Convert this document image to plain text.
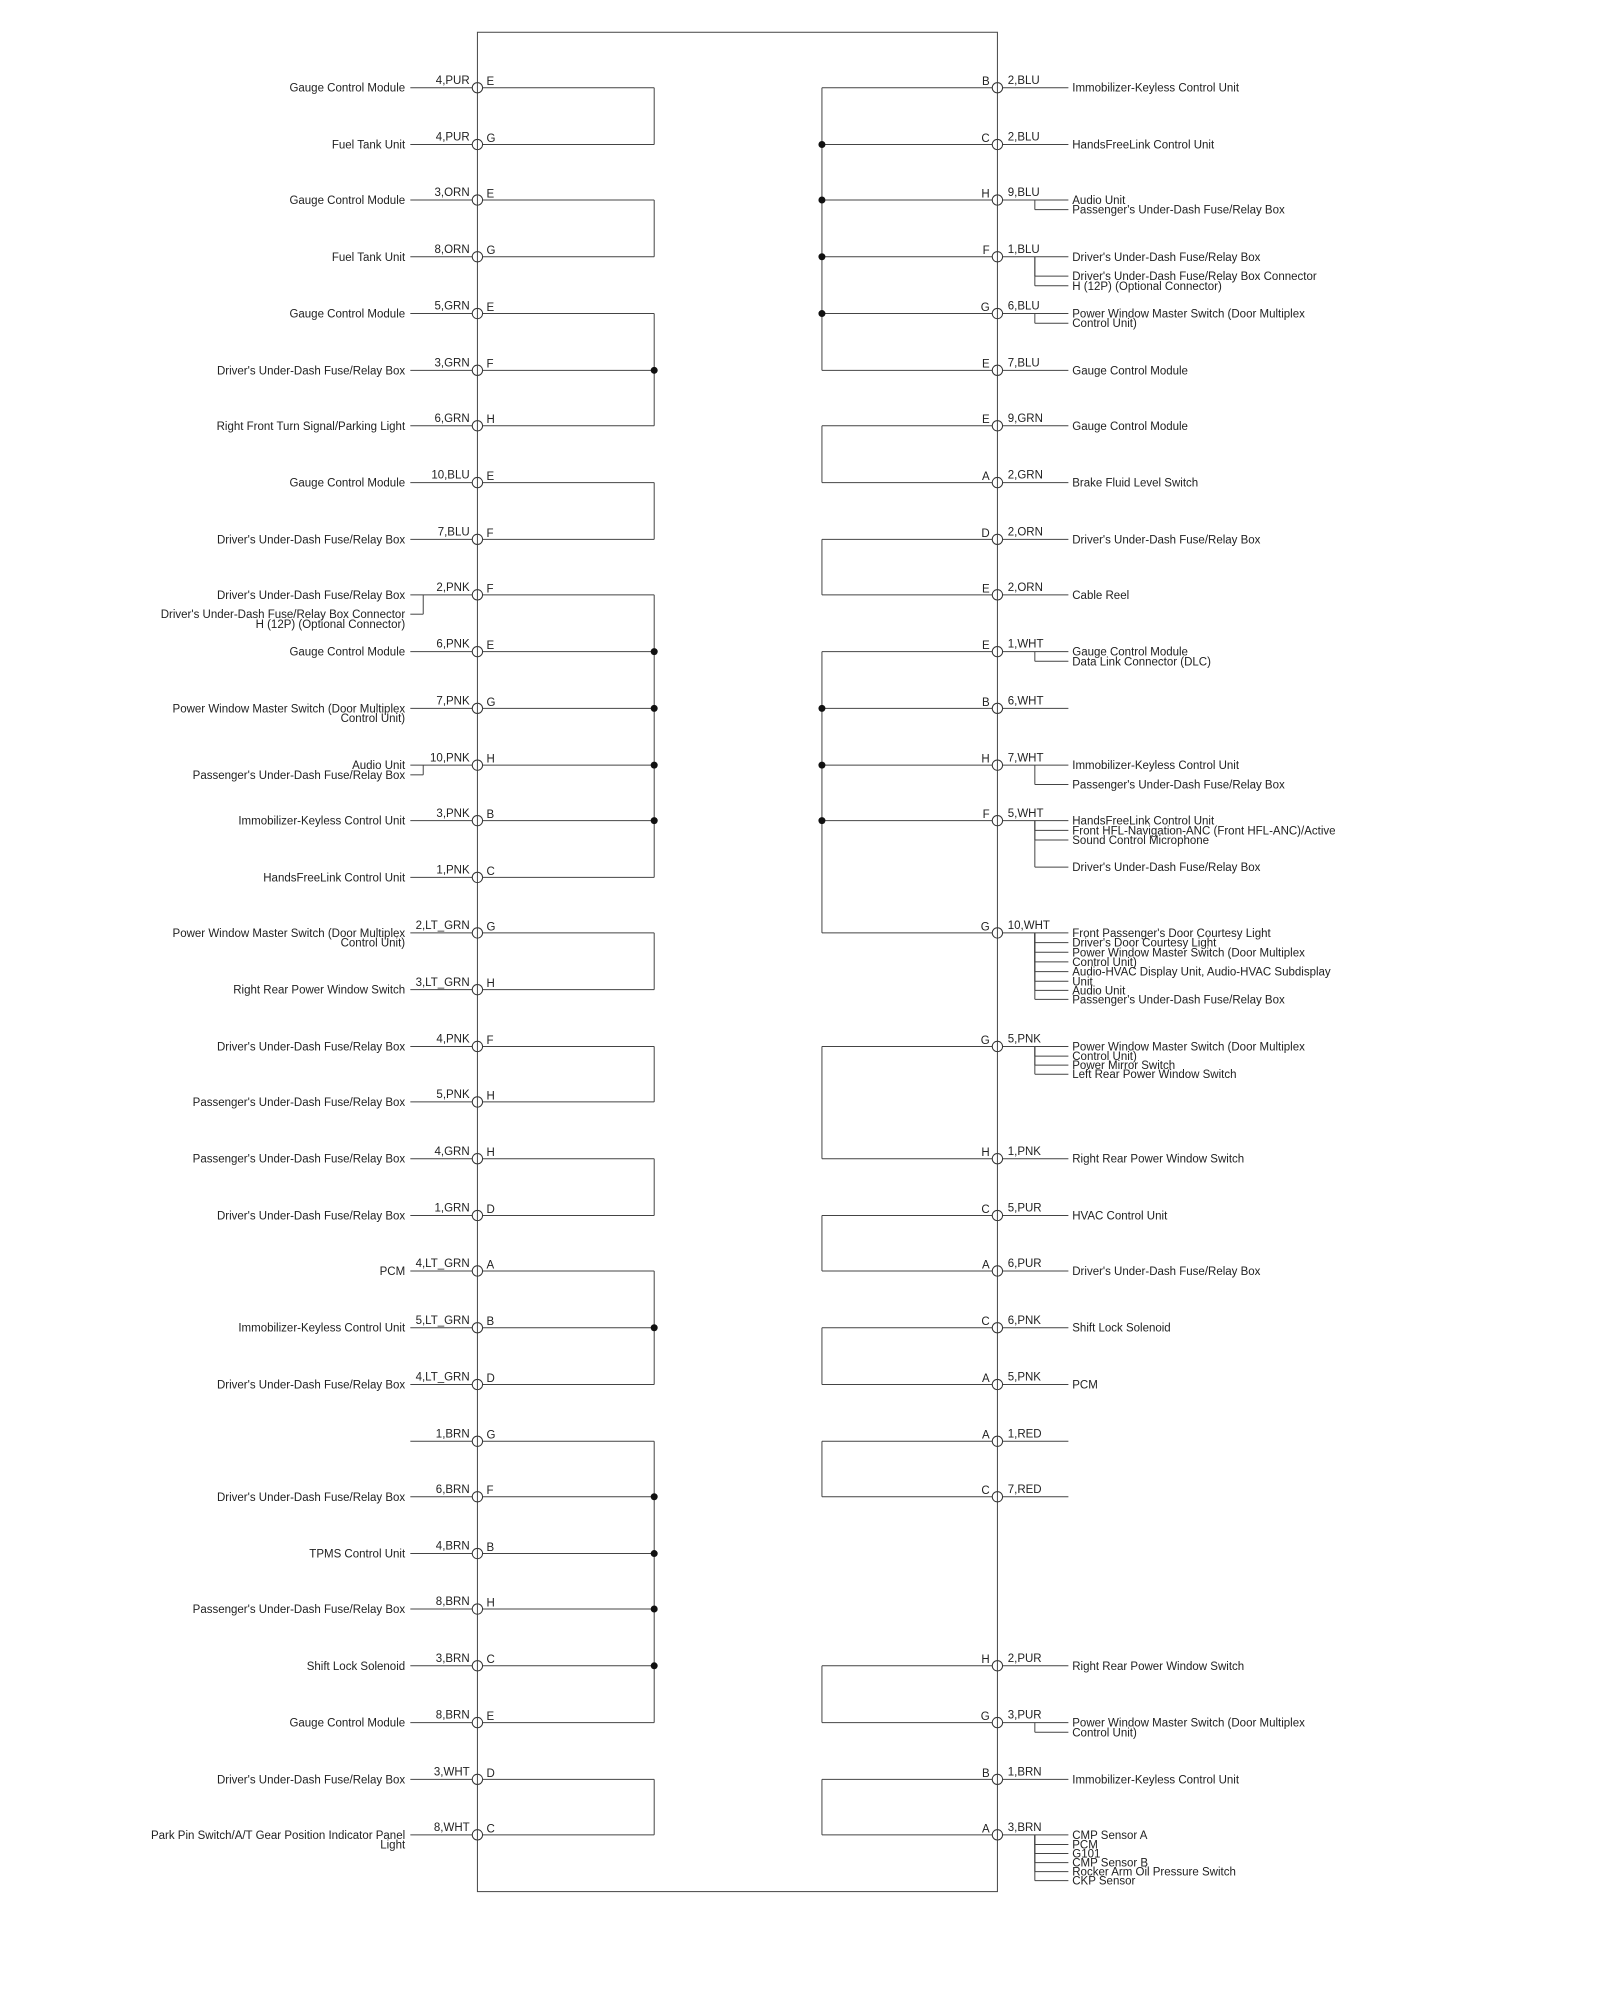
4,PUR E
Gauge Control Module
4,PUR G
Fuel Tank Unit
3,ORN E
Gauge Control Module
8,ORN G
Fuel Tank Unit
5,GRN E
Gauge Control Module
3,GRN F
Driver's Under-Dash Fuse/Relay Box
6,GRN H
Right Front Turn Signal/Parking Light
10,BLU E
Gauge Control Module
7,BLU F
Driver's Under-Dash Fuse/Relay Box
2,PNK F
Driver's Under-Dash Fuse/Relay Box
Driver's Under-Dash Fuse/Relay Box Connector
H (12P) (Optional Connector)
6,PNK E
Gauge Control Module
7,PNK G
Power Window Master Switch (Door Multiplex
Control Unit)
10,PNK H
Audio Unit
Passenger's Under-Dash Fuse/Relay Box
3,PNK B
Immobilizer-Keyless Control Unit
1,PNK C
HandsFreeLink Control Unit
2,LT_GRN G
Power Window Master Switch (Door Multiplex
Control Unit)
3,LT_GRN H
Right Rear Power Window Switch
4,PNK F
Driver's Under-Dash Fuse/Relay Box
5,PNK H
Passenger's Under-Dash Fuse/Relay Box
4,GRN H
Passenger's Under-Dash Fuse/Relay Box
1,GRN D
Driver's Under-Dash Fuse/Relay Box
4,LT_GRN A
PCM
5,LT_GRN B
Immobilizer-Keyless Control Unit
4,LT_GRN D
Driver's Under-Dash Fuse/Relay Box
1,BRN G
6,BRN F
Driver's Under-Dash Fuse/Relay Box
4,BRN B
TPMS Control Unit
8,BRN H
Passenger's Under-Dash Fuse/Relay Box
3,BRN C
Shift Lock Solenoid
8,BRN E
Gauge Control Module
3,WHT D
Driver's Under-Dash Fuse/Relay Box
8,WHT C
Park Pin Switch/A/T Gear Position Indicator Panel
Light
2,BLU
B
Immobilizer-Keyless Control Unit
2,BLU
C
HandsFreeLink Control Unit
9,BLU
H
Audio Unit
Passenger's Under-Dash Fuse/Relay Box
1,BLU
F
Driver's Under-Dash Fuse/Relay Box
Driver's Under-Dash Fuse/Relay Box Connector
H (12P) (Optional Connector)
6,BLU
G
Power Window Master Switch (Door Multiplex
Control Unit)
7,BLU
E
Gauge Control Module
9,GRN
E
Gauge Control Module
2,GRN
A
Brake Fluid Level Switch
2,ORN
D
Driver's Under-Dash Fuse/Relay Box
2,ORN
E
Cable Reel
1,WHT
E
Gauge Control Module
Data Link Connector (DLC)
6,WHT
B
7,WHT
H
Immobilizer-Keyless Control Unit
Passenger's Under-Dash Fuse/Relay Box
5,WHT
F
HandsFreeLink Control Unit
Front HFL-Navigation-ANC (Front HFL-ANC)/Active
Sound Control Microphone
Driver's Under-Dash Fuse/Relay Box
10,WHT
G
Front Passenger's Door Courtesy Light
Driver's Door Courtesy Light
Power Window Master Switch (Door Multiplex
Control Unit)
Audio-HVAC Display Unit, Audio-HVAC Subdisplay
Unit
Audio Unit
Passenger's Under-Dash Fuse/Relay Box
5,PNK
G
Power Window Master Switch (Door Multiplex
Control Unit)
Power Mirror Switch
Left Rear Power Window Switch
1,PNK
H
Right Rear Power Window Switch
5,PUR
C
HVAC Control Unit
6,PUR
A
Driver's Under-Dash Fuse/Relay Box
6,PNK
C
Shift Lock Solenoid
5,PNK
A
PCM
1,RED
A
7,RED
C
2,PUR
H
Right Rear Power Window Switch
3,PUR
G
Power Window Master Switch (Door Multiplex
Control Unit)
1,BRN
B
Immobilizer-Keyless Control Unit
3,BRN
A
CMP Sensor A
PCM
G101
CMP Sensor B
Rocker Arm Oil Pressure Switch
CKP Sensor
